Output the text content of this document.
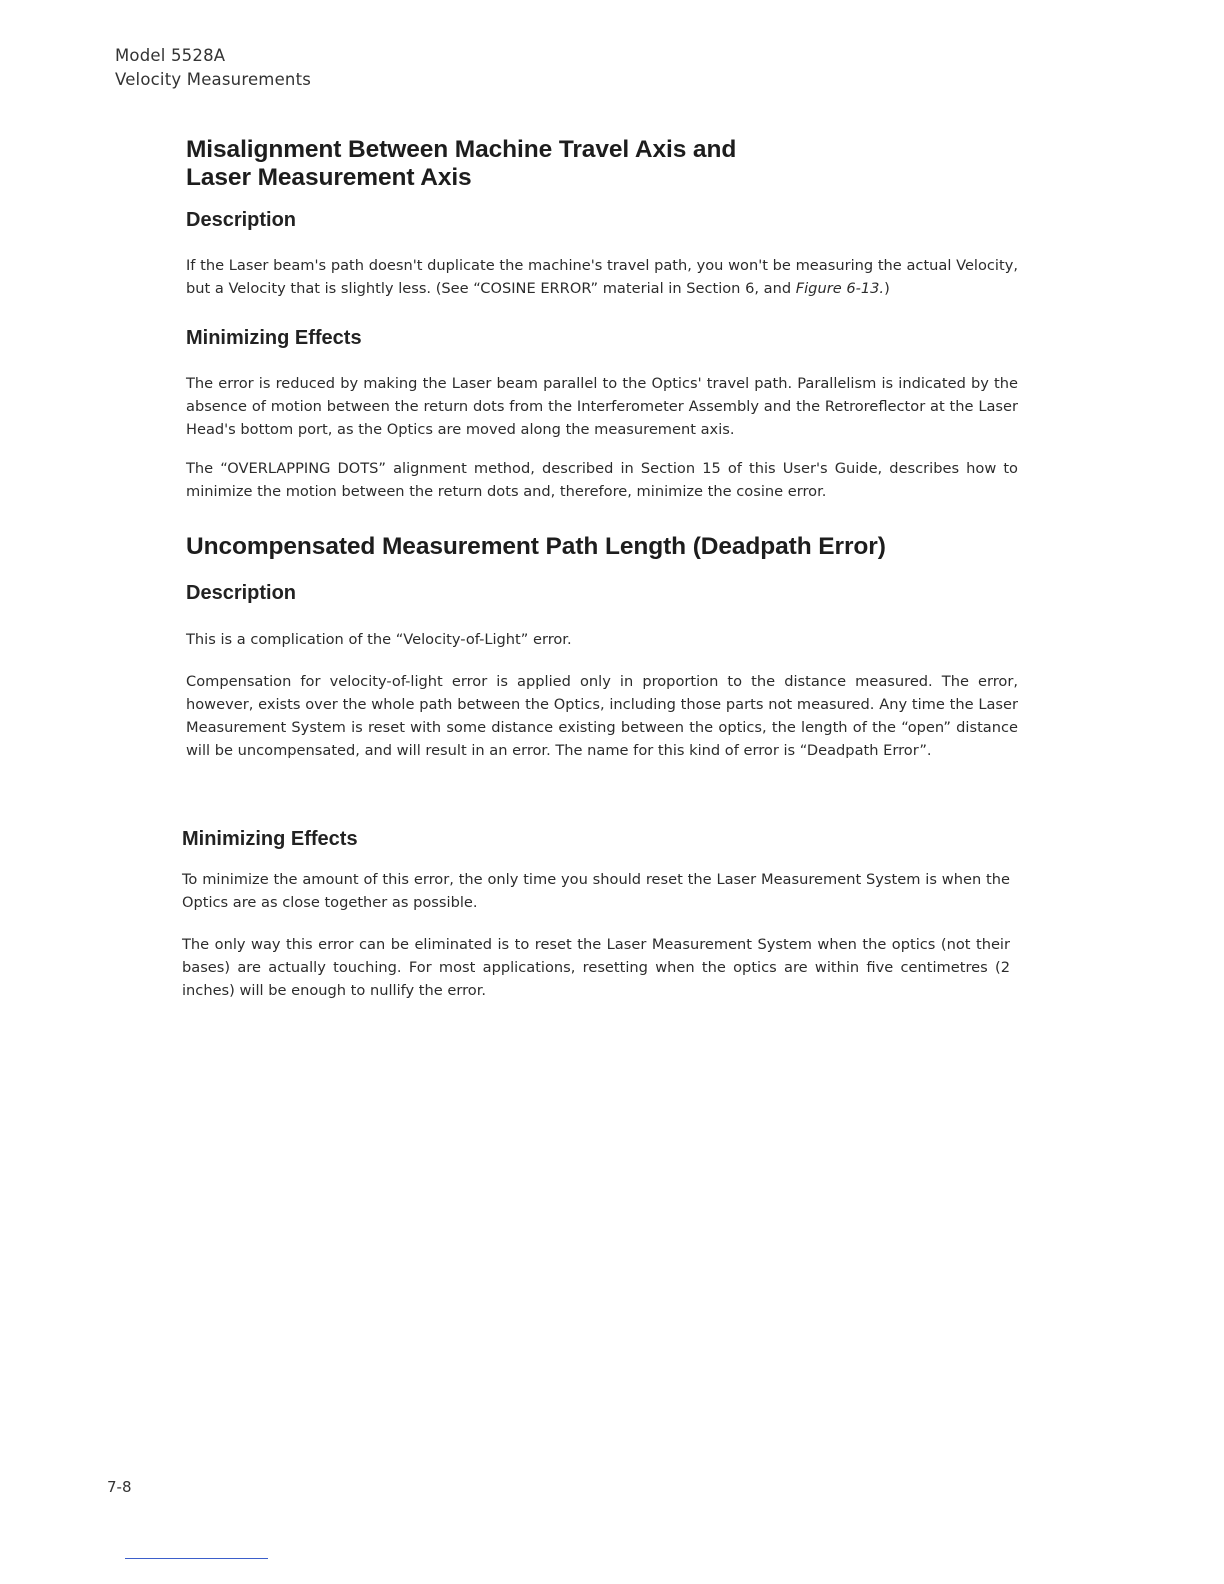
Model 5528A
Velocity Measurements
Misalignment Between Machine Travel Axis and
Laser Measurement Axis
Description

If the Laser beam's path doesn't duplicate the machine's travel path, you won't be measuring the actual Velocity, but a Velocity that is slightly less. (See “COSINE ERROR” material in Section 6, and Figure 6-13.)

Minimizing Effects

The error is reduced by making the Laser beam parallel to the Optics' travel path. Parallelism is indicated by the absence of motion between the return dots from the Interferometer Assembly and the Retroreflector at the Laser Head's bottom port, as the Optics are moved along the measurement axis.

The “OVERLAPPING DOTS” alignment method, described in Section 15 of this User's Guide, describes how to minimize the motion between the return dots and, therefore, minimize the cosine error.

Uncompensated Measurement Path Length (Deadpath Error)
Description

This is a complication of the “Velocity-of-Light” error.

Compensation for velocity-of-light error is applied only in proportion to the distance measured. The error, however, exists over the whole path between the Optics, including those parts not measured. Any time the Laser Measurement System is reset with some distance existing between the optics, the length of the “open” distance will be uncompensated, and will result in an error. The name for this kind of error is “Deadpath Error”.

Minimizing Effects

To minimize the amount of this error, the only time you should reset the Laser Measurement System is when the Optics are as close together as possible.

The only way this error can be eliminated is to reset the Laser Measurement System when the optics (not their bases) are actually touching. For most applications, resetting when the optics are within five centimetres (2 inches) will be enough to nullify the error.

7-8
